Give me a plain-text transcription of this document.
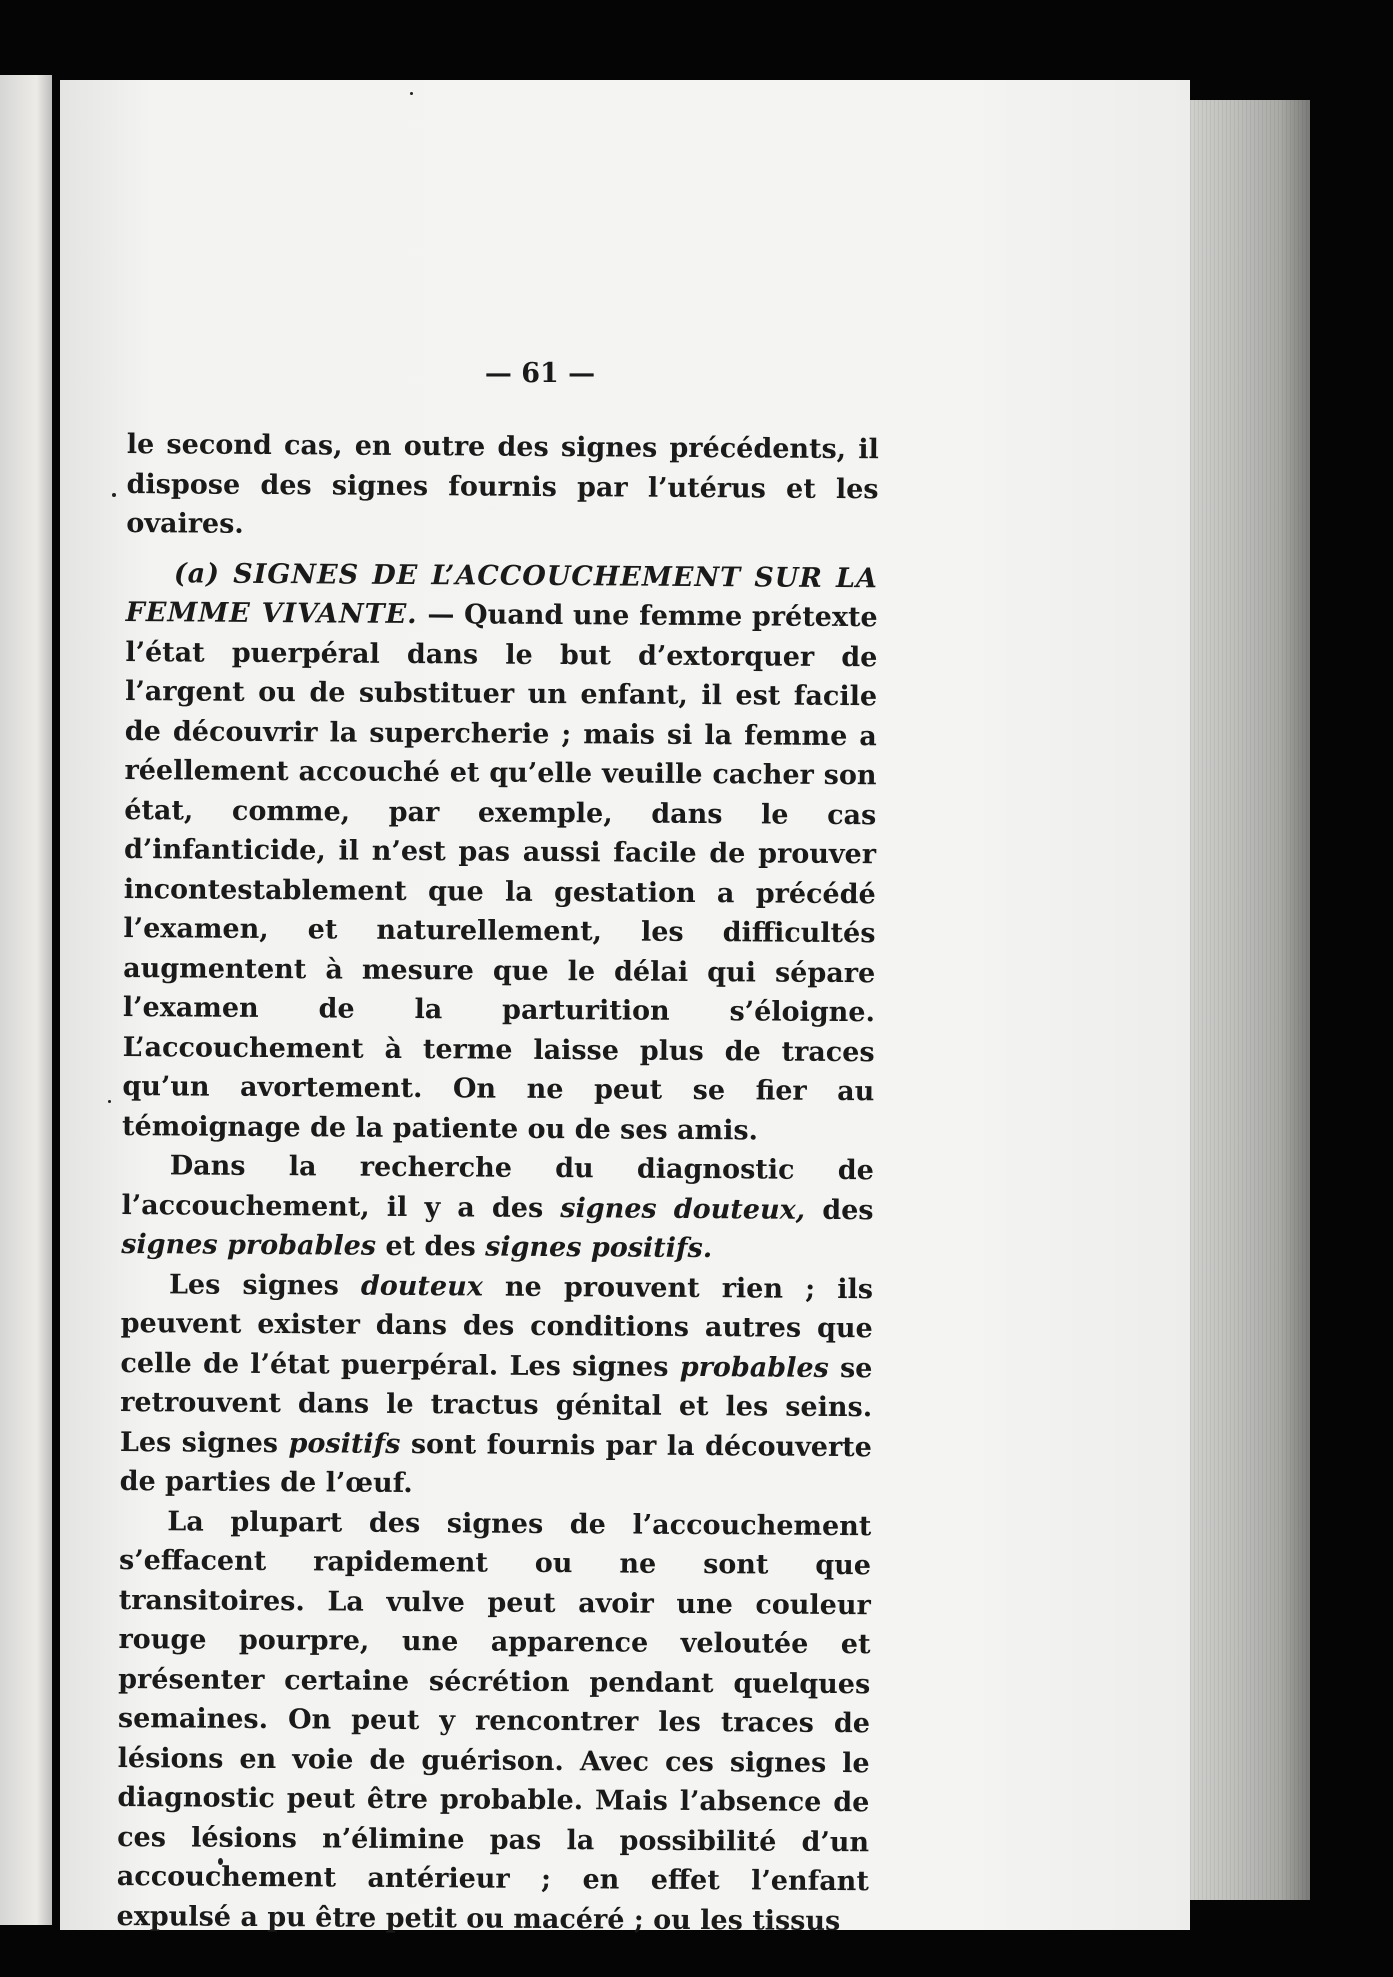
— 61 —

le second cas, en outre des signes précédents, il dispose des signes fournis par l’utérus et les ovaires.

(a) SIGNES DE L’ACCOUCHEMENT SUR LA FEMME VIVANTE. — Quand une femme prétexte l’état puerpéral dans le but d’extorquer de l’argent ou de substituer un enfant, il est facile de découvrir la supercherie ; mais si la femme a réellement accouché et qu’elle veuille cacher son état, comme, par exemple, dans le cas d’infanticide, il n’est pas aussi facile de prouver incontestablement que la gestation a précédé l’examen, et naturellement, les difficultés augmentent à mesure que le délai qui sépare l’examen de la parturition s’éloigne. L’accouchement à terme laisse plus de traces qu’un avortement. On ne peut se fier au témoignage de la patiente ou de ses amis.

Dans la recherche du diagnostic de l’accouchement, il y a des signes douteux, des signes probables et des signes positifs.

Les signes douteux ne prouvent rien ; ils peuvent exister dans des conditions autres que celle de l’état puerpéral. Les signes probables se retrouvent dans le tractus génital et les seins. Les signes positifs sont fournis par la découverte de parties de l’œuf.

La plupart des signes de l’accouchement s’effacent rapidement ou ne sont que transitoires. La vulve peut avoir une couleur rouge pourpre, une apparence veloutée et présenter certaine sécrétion pendant quelques semaines. On peut y rencontrer les traces de lésions en voie de guérison. Avec ces signes le diagnostic peut être probable. Mais l’absence de ces lésions n’élimine pas la possibilité d’un accouchement antérieur ; en effet l’enfant expulsé a pu être petit ou macéré ; ou les tissus
